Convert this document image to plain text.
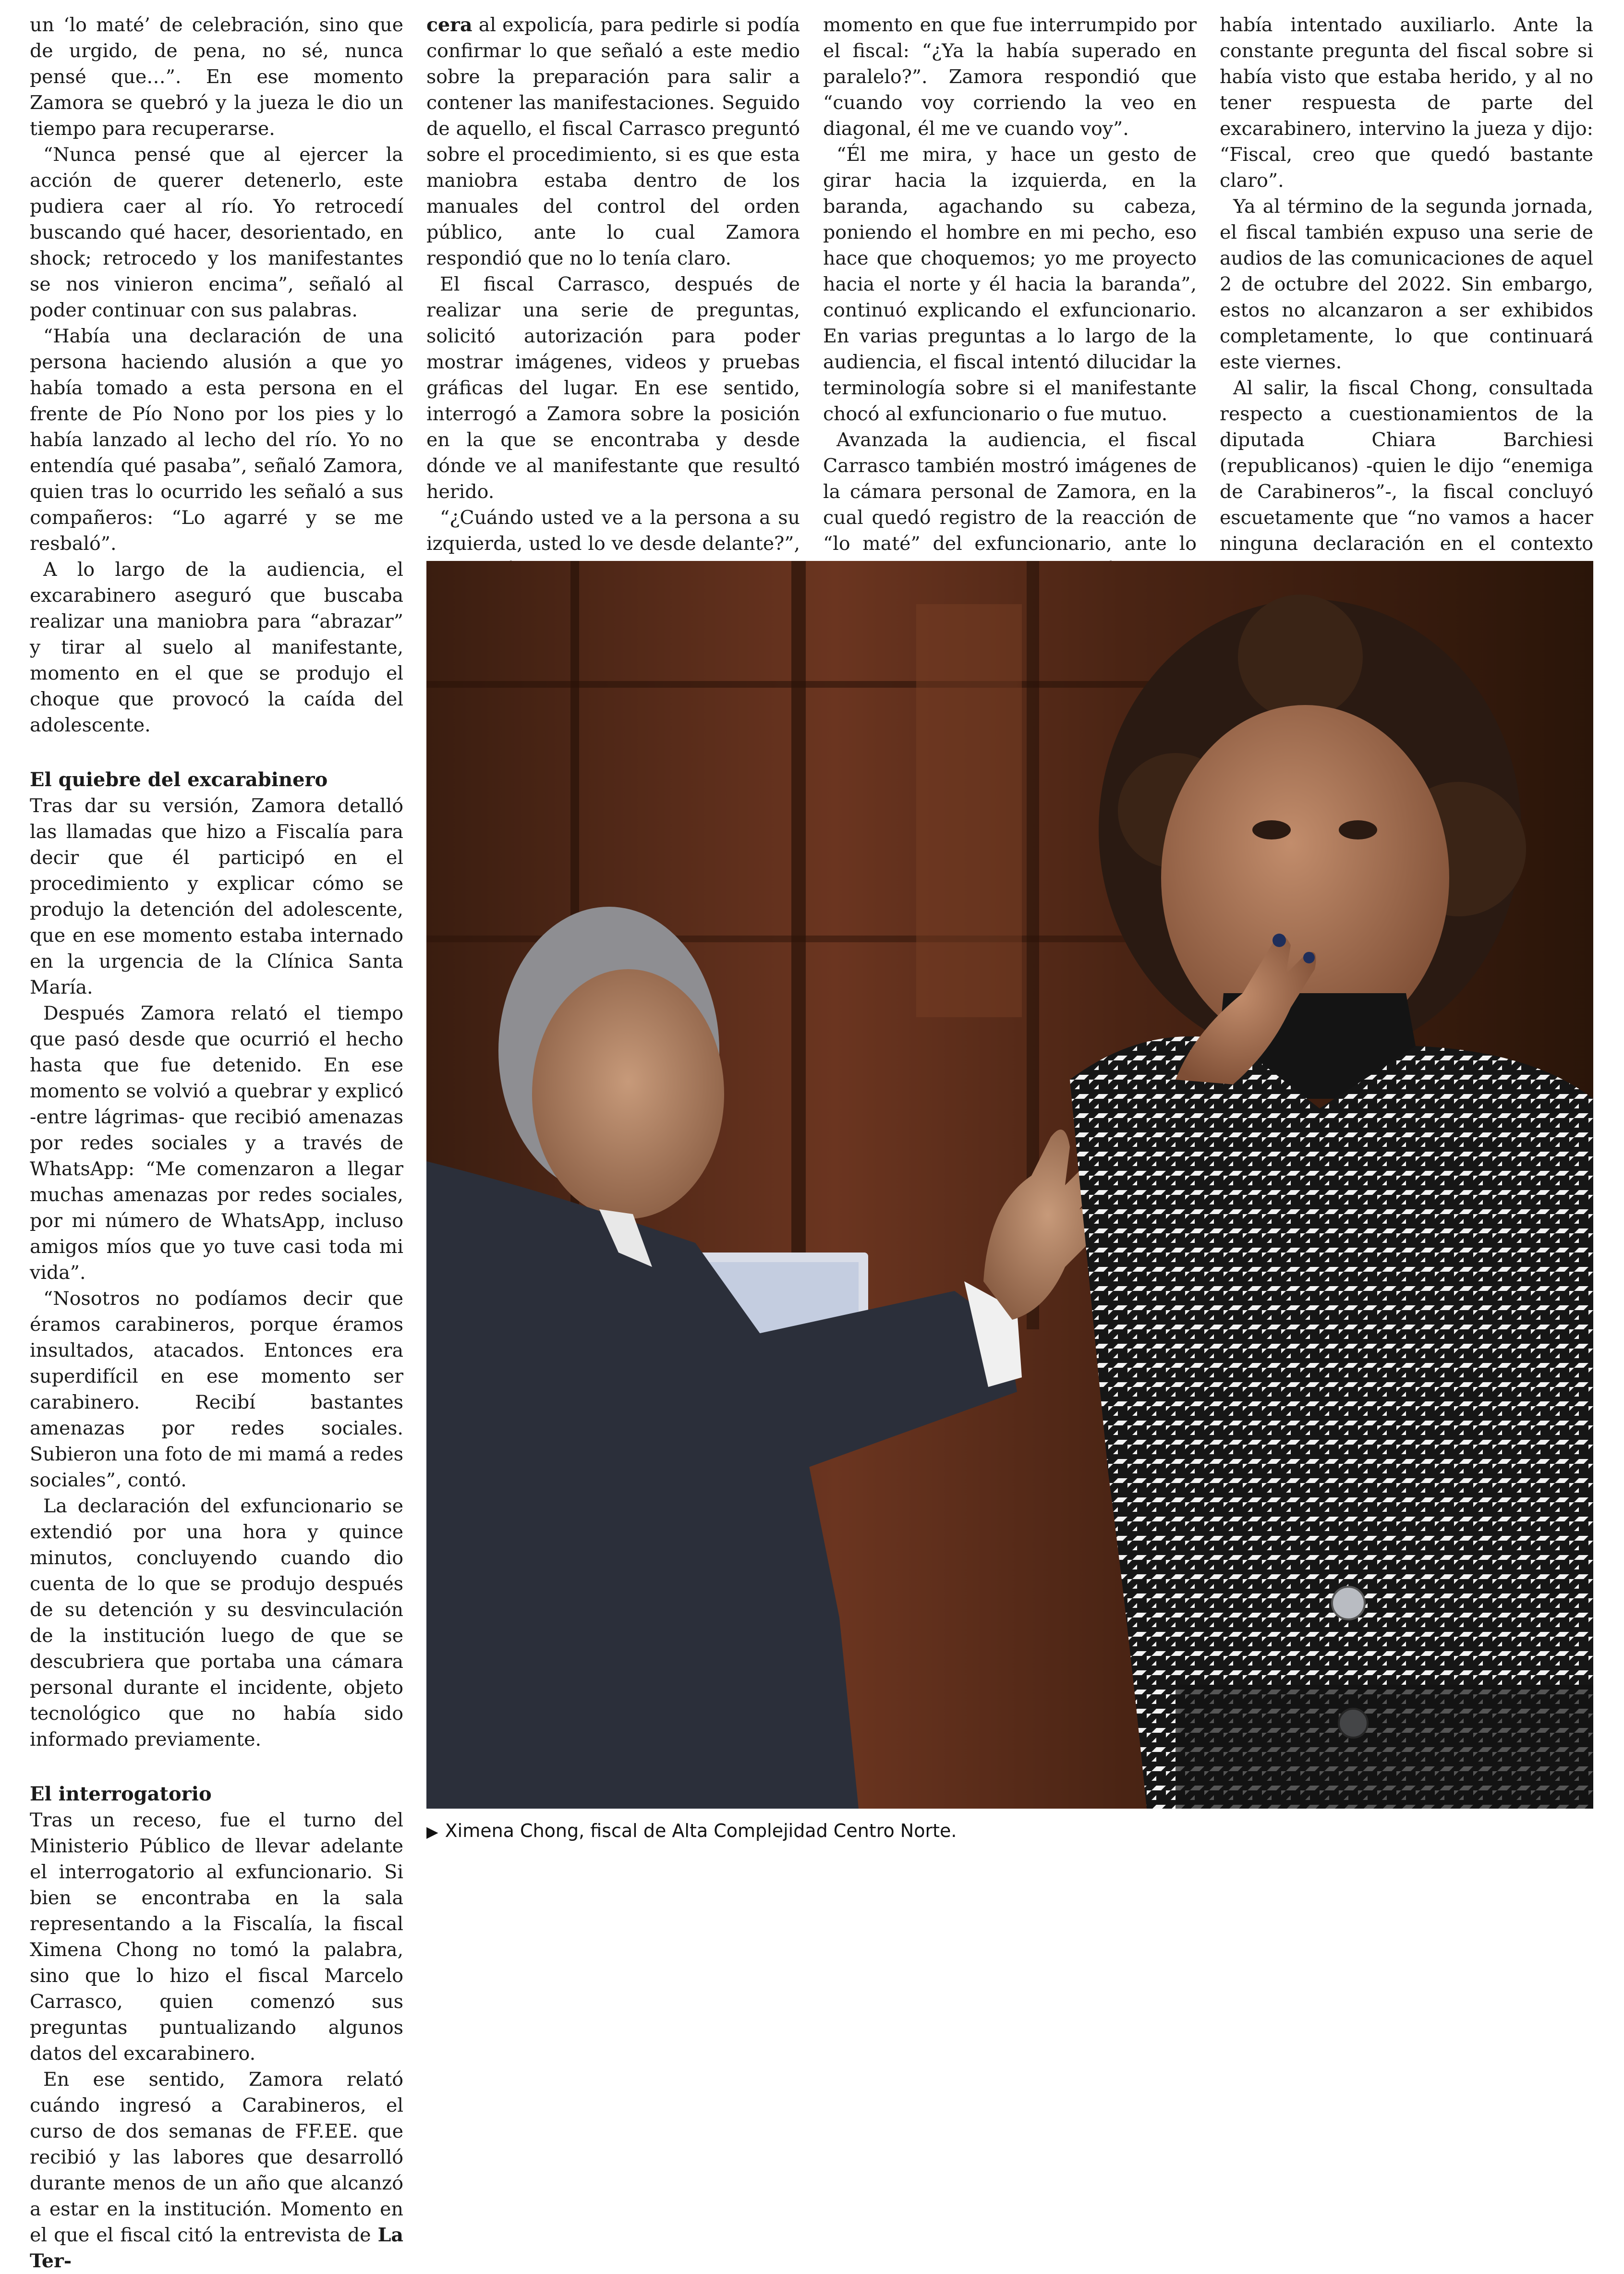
un ‘lo maté’ de celebración, sino que de urgido, de pena, no sé, nunca pensé que…”. En ese momento Zamora se quebró y la jueza le dio un tiempo para recuperarse.

“Nunca pensé que al ejercer la acción de querer detenerlo, este pudiera caer al río. Yo retrocedí buscando qué hacer, desorientado, en shock; retrocedo y los manifestantes se nos vinieron encima”, señaló al poder continuar con sus palabras.

“Había una declaración de una persona haciendo alusión a que yo había tomado a esta persona en el frente de Pío Nono por los pies y lo había lanzado al lecho del río. Yo no entendía qué pasaba”, señaló Zamora, quien tras lo ocurrido les señaló a sus compañeros: “Lo agarré y se me resbaló”.

A lo largo de la audiencia, el excarabinero aseguró que buscaba realizar una maniobra para “abrazar” y tirar al suelo al manifestante, momento en el que se produjo el choque que provocó la caída del adolescente.

El quiebre del excarabinero

Tras dar su versión, Zamora detalló las llamadas que hizo a Fiscalía para decir que él participó en el procedimiento y explicar cómo se produjo la detención del adolescente, que en ese momento estaba internado en la urgencia de la Clínica Santa María.

Después Zamora relató el tiempo que pasó desde que ocurrió el hecho hasta que fue detenido. En ese momento se volvió a quebrar y explicó -entre lágrimas- que recibió amenazas por redes sociales y a través de WhatsApp: “Me comenzaron a llegar muchas amenazas por redes sociales, por mi número de WhatsApp, incluso amigos míos que yo tuve casi toda mi vida”.

“Nosotros no podíamos decir que éramos carabineros, porque éramos insultados, atacados. Entonces era superdifícil en ese momento ser carabinero. Recibí bastantes amenazas por redes sociales. Subieron una foto de mi mamá a redes sociales”, contó.

La declaración del exfuncionario se extendió por una hora y quince minutos, concluyendo cuando dio cuenta de lo que se produjo después de su detención y su desvinculación de la institución luego de que se descubriera que portaba una cámara personal durante el incidente, objeto tecnológico que no había sido informado previamente.

El interrogatorio

Tras un receso, fue el turno del Ministerio Público de llevar adelante el interrogatorio al exfuncionario. Si bien se encontraba en la sala representando a la Fiscalía, la fiscal Ximena Chong no tomó la palabra, sino que lo hizo el fiscal Marcelo Carrasco, quien comenzó sus preguntas puntualizando algunos datos del excarabinero.

En ese sentido, Zamora relató cuándo ingresó a Carabineros, el curso de dos semanas de FF.EE. que recibió y las labores que desarrolló durante menos de un año que alcanzó a estar en la institución. Momento en el que el fiscal citó la entrevista de La Ter-

cera al expolicía, para pedirle si podía confirmar lo que señaló a este medio sobre la preparación para salir a contener las manifestaciones. Seguido de aquello, el fiscal Carrasco preguntó sobre el procedimiento, si es que esta maniobra estaba dentro de los manuales del control del orden público, ante lo cual Zamora respondió que no lo tenía claro.

El fiscal Carrasco, después de realizar una serie de preguntas, solicitó autorización para poder mostrar imágenes, videos y pruebas gráficas del lugar. En ese sentido, interrogó a Zamora sobre la posición en la que se encontraba y desde dónde ve al manifestante que resultó herido.

“¿Cuándo usted ve a la persona a su izquierda, usted lo ve desde delante?”,

momento en que fue interrumpido por el fiscal: “¿Ya la había superado en paralelo?”. Zamora respondió que “cuando voy corriendo la veo en diagonal, él me ve cuando voy”.

“Él me mira, y hace un gesto de girar hacia la izquierda, en la baranda, agachando su cabeza, poniendo el hombre en mi pecho, eso hace que choquemos; yo me proyecto hacia el norte y él hacia la baranda”, continuó explicando el exfuncionario. En varias preguntas a lo largo de la audiencia, el fiscal intentó dilucidar la terminología sobre si el manifestante chocó al exfuncionario o fue mutuo.

Avanzada la audiencia, el fiscal Carrasco también mostró imágenes de la cámara personal de Zamora, en la cual quedó registro de la reacción de “lo maté” del exfuncionario, ante lo

había intentado auxiliarlo. Ante la constante pregunta del fiscal sobre si había visto que estaba herido, y al no tener respuesta de parte del excarabinero, intervino la jueza y dijo: “Fiscal, creo que quedó bastante claro”.

Ya al término de la segunda jornada, el fiscal también expuso una serie de audios de las comunicaciones de aquel 2 de octubre del 2022. Sin embargo, estos no alcanzaron a ser exhibidos completamente, lo que continuará este viernes.

Al salir, la fiscal Chong, consultada respecto a cuestionamientos de la diputada Chiara Barchiesi (republicanos) -quien le dijo “enemiga de Carabineros”-, la fiscal concluyó escuetamente que “no vamos a hacer ninguna declaración en el contexto

▶ Ximena Chong, fiscal de Alta Complejidad Centro Norte.
